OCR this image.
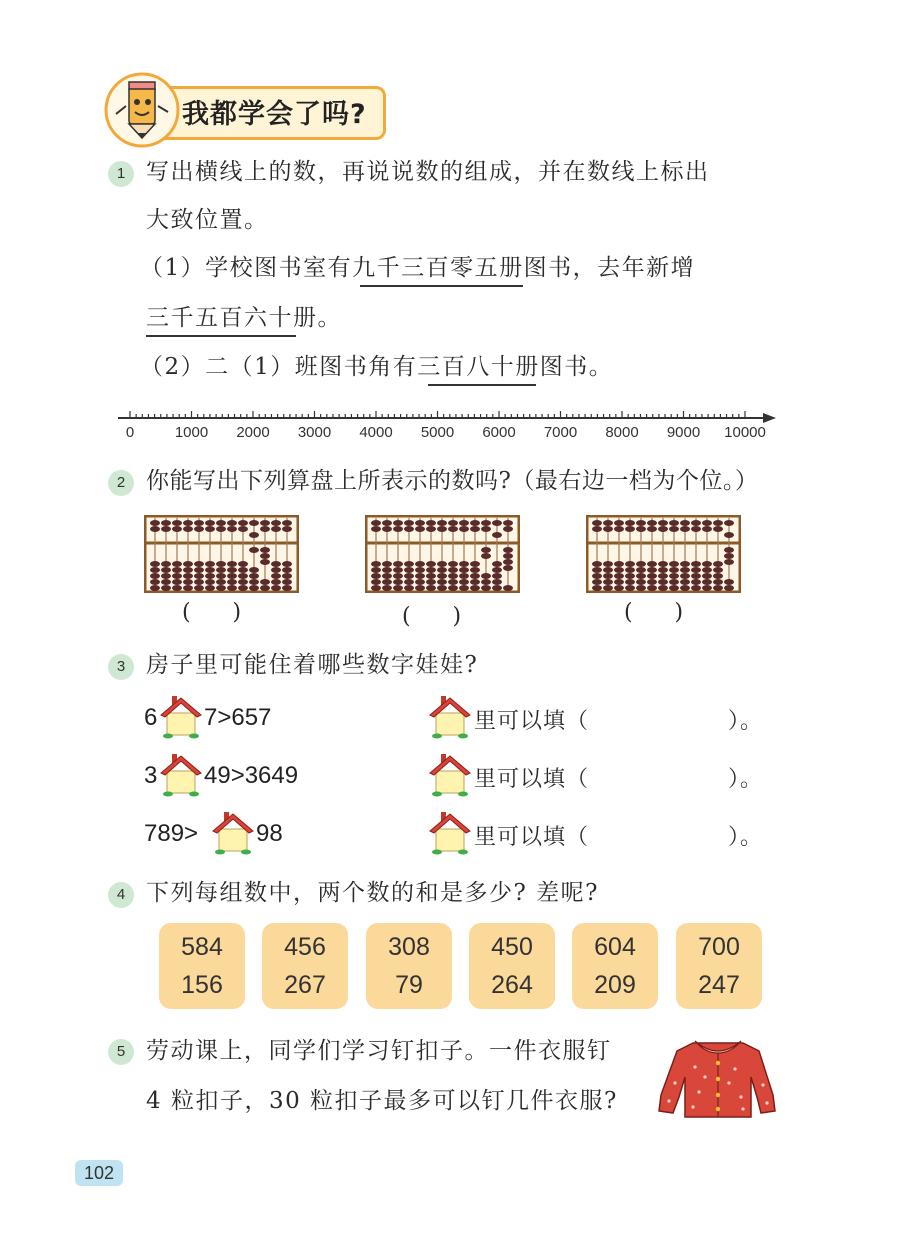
我都学会了吗?
1 写出横线上的数，再说说数的组成，并在数线上标出
大致位置。
（1）学校图书室有九千三百零五册图书，去年新增
三千五百六十册。
（2）二（1）班图书角有三百八十册图书。
0	1000 2000 3000 4000 5000 6000 7000 8000 9000 10000
2 你能写出下列算盘上所表示的数吗?（最右边一档为个位。）
(      )	(      )	(      )
3 房子里可能住着哪些数字娃娃?
6 7>657	里可以填（	）。
3 49>3649	里可以填（	）。
789> 98	里可以填（	）。
4 下列每组数中，两个数的和是多少? 差呢?
584
156
456
267
308
79
450
264
604
209
700
247
5 劳动课上，同学们学习钉扣子。一件衣服钉
4 粒扣子，30 粒扣子最多可以钉几件衣服?
102
